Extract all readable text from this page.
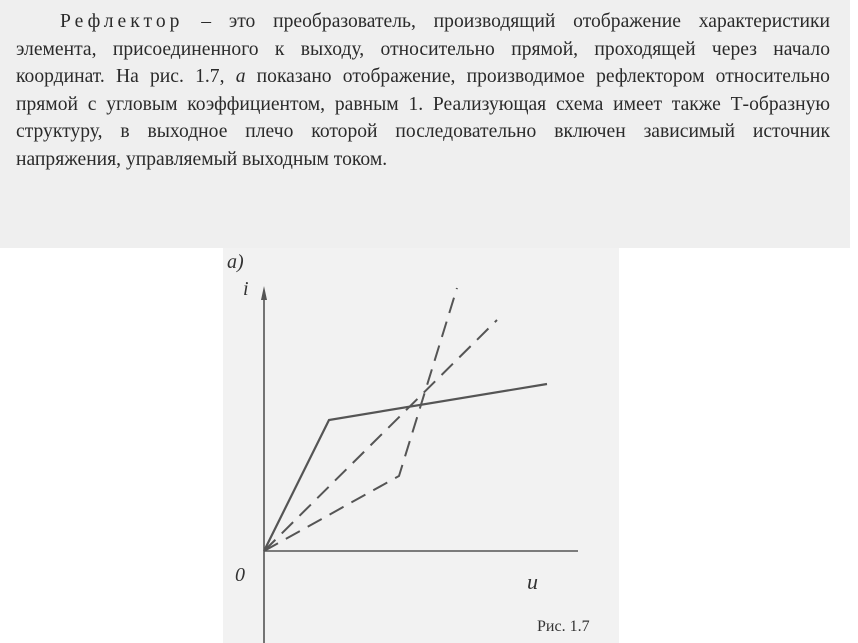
Рефлектор – это преобразователь, производящий отображение характеристики элемента, присоединенного к выходу, относительно прямой, проходящей через начало координат. На рис. 1.7, a показано отображение, производимое рефлектором относительно прямой с угловым коэффициентом, равным 1. Реализующая схема имеет также Т-образную структуру, в выходное плечо которой последовательно включен зависимый источник напряжения, управляемый выходным током.

a)
i
0	u
Рис. 1.7
